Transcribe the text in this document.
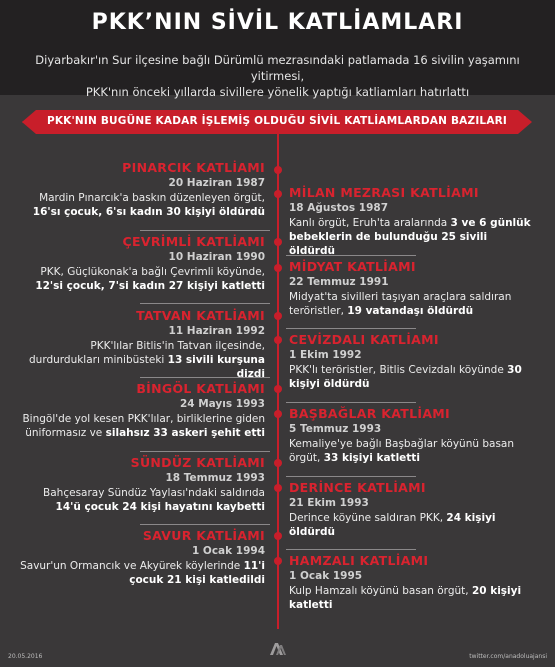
PKK’NIN SİVİL KATLİAMLARI
Diyarbakır'ın Sur ilçesine bağlı Dürümlü mezrasındaki patlamada 16 sivilin yaşamını yitirmesi,
PKK'nın önceki yıllarda sivillere yönelik yaptığı katliamları hatırlattı
PKK'NIN BUGÜNE KADAR İŞLEMİŞ OLDUĞU SİVİL KATLİAMLARDAN BAZILARI
PINARCIK KATLİAMI
20 Haziran 1987
Mardin Pınarcık'a baskın düzenleyen örgüt, 16'sı çocuk, 6'sı kadın 30 kişiyi öldürdü
ÇEVRİMLİ KATLİAMI
10 Haziran 1990
PKK, Güçlükonak'a bağlı Çevrimli köyünde, 12'si çocuk, 7'si kadın 27 kişiyi katletti
TATVAN KATLİAMI
11 Haziran 1992
PKK'lılar Bitlis'in Tatvan ilçesinde, durdurdukları minibüsteki 13 sivili kurşuna dizdi
BİNGÖL KATLİAMI
24 Mayıs 1993
Bingöl'de yol kesen PKK'lılar, birliklerine giden üniformasız ve silahsız 33 askeri şehit etti
SÜNDÜZ KATLİAMI
18 Temmuz 1993
Bahçesaray Sündüz Yaylası'ndaki saldırıda 14'ü çocuk 24 kişi hayatını kaybetti
SAVUR KATLİAMI
1 Ocak 1994
Savur'un Ormancık ve Akyürek köylerinde 11'i çocuk 21 kişi katledildi
MİLAN MEZRASI KATLİAMI
18 Ağustos 1987
Kanlı örgüt, Eruh'ta aralarında 3 ve 6 günlük bebeklerin de bulunduğu 25 sivili öldürdü
MİDYAT KATLİAMI
22 Temmuz 1991
Midyat'ta sivilleri taşıyan araçlara saldıran teröristler, 19 vatandaşı öldürdü
CEVİZDALI KATLİAMI
1 Ekim 1992
PKK'lı teröristler, Bitlis Cevizdalı köyünde 30 kişiyi öldürdü
BAŞBAĞLAR KATLİAMI
5 Temmuz 1993
Kemaliye'ye bağlı Başbağlar köyünü basan örgüt, 33 kişiyi katletti
DERİNCE KATLİAMI
21 Ekim 1993
Derince köyüne saldıran PKK, 24 kişiyi öldürdü
HAMZALI KATLİAMI
1 Ocak 1995
Kulp Hamzalı köyünü basan örgüt, 20 kişiyi katletti
20.05.2016	twitter.com/anadoluajansi
